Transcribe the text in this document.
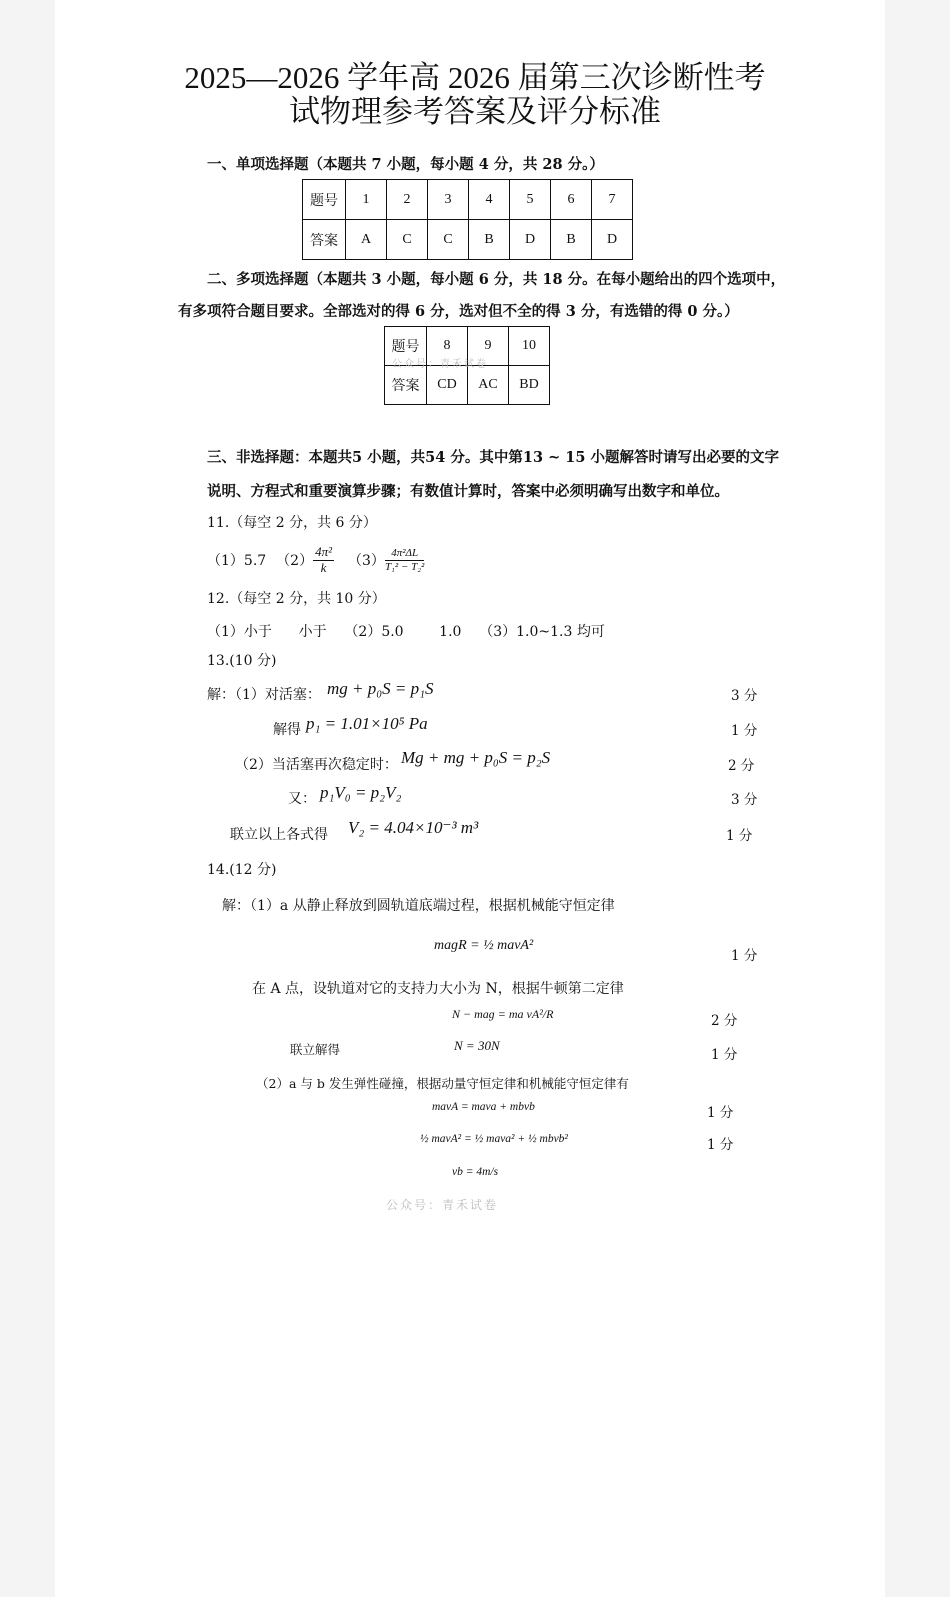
2025—2026 学年高 2026 届第三次诊断性考
试物理参考答案及评分标准
一、单项选择题（本题共 7 小题，每小题 4 分，共 28 分。）
题号	1	2	3	4	5	6	7
答案	A	C	C	B	D	B	D
二、多项选择题（本题共 3 小题，每小题 6 分，共 18 分。在每小题给出的四个选项中，
有多项符合题目要求。全部选对的得 6 分，选对但不全的得 3 分，有选错的得 0 分。）
题号	8	9	10
答案	CD	AC	BD
公众号：青禾试卷
三、非选择题：本题共5 小题，共54 分。其中第13 ~ 15 小题解答时请写出必要的文字
说明、方程式和重要演算步骤；有数值计算时，答案中必须明确写出数字和单位。
11.（每空 2 分，共 6 分）
（1）5.7 $(2) \frac{\text{4π²}}{k} (3) \frac{\text{4π²ΔL}}{\text{T₁² − T₂²}}$
12.（每空 2 分，共 10 分）
（1）小于      小于    （2）5.0        1.0    （3）1.0~1.3 均可
13.(10 分)
解：（1）对活塞： mg + p₀S = p₁S	3 分
解得 p₁ = 1.01×10⁵ Pa	1 分
（2）当活塞再次稳定时： Mg + mg + p₀S = p₂S	2 分
又： p₁V₀ = p₂V₂	3 分
联立以上各式得 V₂ = 4.04×10⁻³ m³	1 分
14.(12 分)
解：（1）a 从静止释放到圆轨道底端过程，根据机械能守恒定律
maɡR = ½ mavA²
1 分
在 A 点，设轨道对它的支持力大小为 N，根据牛顿第二定律
N − maɡ = ma vA²/R	2 分
联立解得	N = 30N
1 分
（2）a 与 b 发生弹性碰撞，根据动量守恒定律和机械能守恒定律有
mavA = mava + mbvb	1 分
½ mavA² = ½ mava² + ½ mbvb²	1 分
vb = 4m/s
公众号：青禾试卷
